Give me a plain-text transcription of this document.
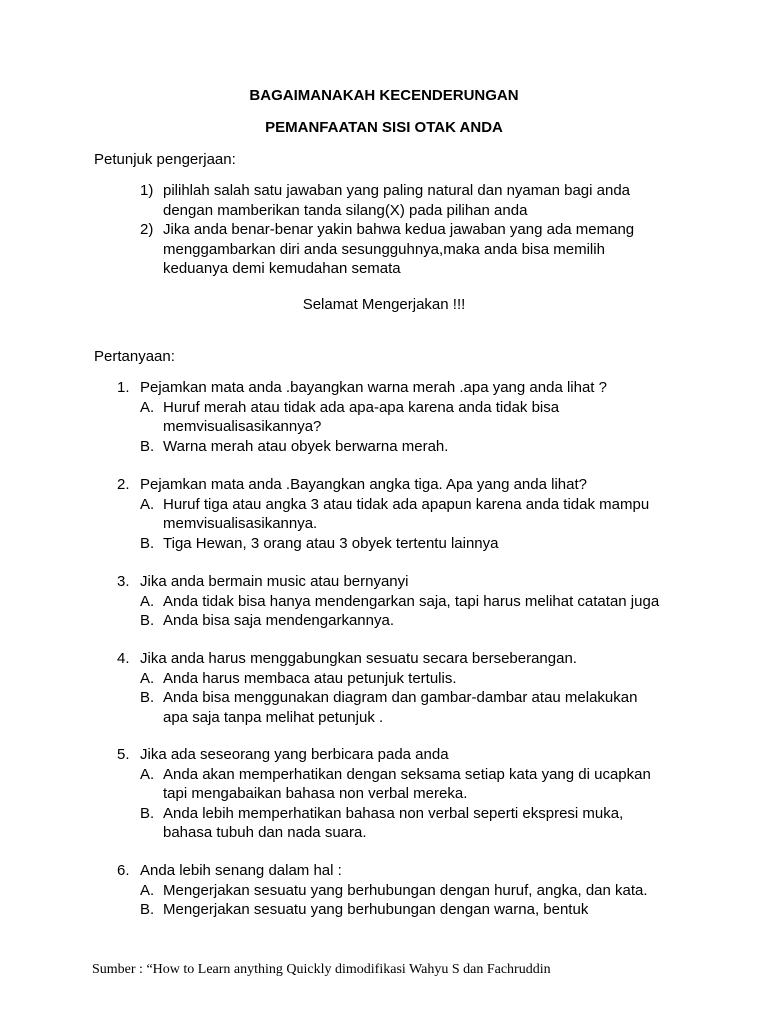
BAGAIMANAKAH KECENDERUNGAN
PEMANFAATAN SISI OTAK ANDA
Petunjuk pengerjaan:
1) pilihlah salah satu jawaban yang paling natural dan nyaman bagi anda
dengan mamberikan tanda silang(X) pada pilihan anda
2) Jika anda benar-benar yakin bahwa kedua jawaban yang ada memang
menggambarkan diri anda sesungguhnya,maka anda bisa memilih
keduanya demi kemudahan semata
Selamat Mengerjakan !!!
Pertanyaan:
1. Pejamkan mata anda .bayangkan warna merah .apa yang anda lihat ?
A. Huruf merah atau tidak ada apa-apa karena anda tidak bisa
memvisualisasikannya?
B. Warna merah atau obyek berwarna merah.
2. Pejamkan mata anda .Bayangkan angka tiga. Apa yang anda lihat?
A. Huruf tiga atau angka 3 atau tidak ada apapun karena anda tidak mampu
memvisualisasikannya.
B. Tiga Hewan, 3 orang atau 3 obyek tertentu lainnya
3. Jika anda bermain music atau bernyanyi
A. Anda tidak bisa hanya mendengarkan saja, tapi harus melihat catatan juga
B. Anda bisa saja mendengarkannya.
4. Jika anda harus menggabungkan sesuatu secara berseberangan.
A. Anda harus membaca atau petunjuk tertulis.
B. Anda bisa menggunakan diagram dan gambar-dambar atau melakukan
apa saja tanpa melihat petunjuk .
5. Jika ada seseorang yang berbicara pada anda
A. Anda akan memperhatikan dengan seksama setiap kata yang di ucapkan
tapi mengabaikan bahasa non verbal mereka.
B. Anda lebih memperhatikan bahasa non verbal seperti ekspresi muka,
bahasa tubuh dan nada suara.
6. Anda lebih senang dalam hal :
A. Mengerjakan sesuatu yang berhubungan dengan huruf, angka, dan kata.
B. Mengerjakan sesuatu yang berhubungan dengan warna, bentuk
Sumber : “How to Learn anything Quickly dimodifikasi Wahyu S dan Fachruddin
